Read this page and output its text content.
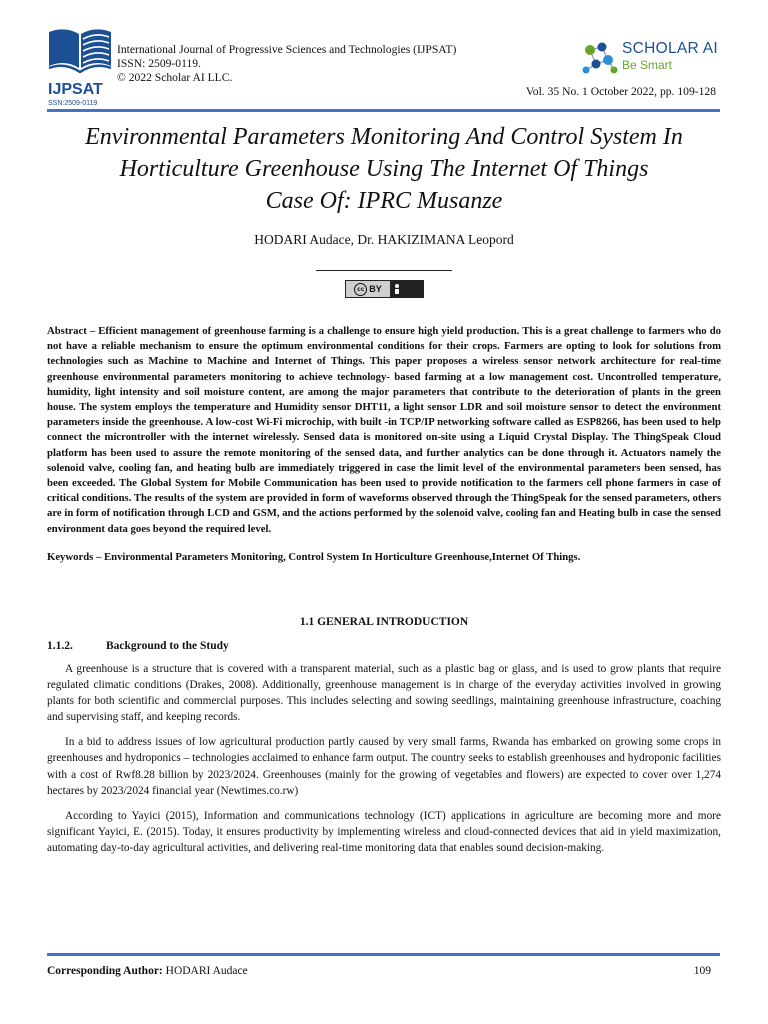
IJPSAT
SSN:2509-0119
International Journal of Progressive Sciences and Technologies (IJPSAT)
ISSN: 2509-0119.
© 2022 Scholar AI LLC.
SCHOLAR AI
Be Smart
Vol. 35 No. 1 October 2022, pp. 109-128
Environmental Parameters Monitoring And Control System In
Horticulture Greenhouse Using The Internet Of Things
Case Of: IPRC Musanze
HODARI Audace, Dr. HAKIZIMANA Leopord
cc BY
Abstract – Efficient management of greenhouse farming is a challenge to ensure high yield production. This is a great challenge to farmers who do not have a reliable mechanism to ensure the optimum environmental conditions for their crops. Farmers are opting to look for solutions from technologies such as Machine to Machine and Internet of Things. This paper proposes a wireless sensor network architecture for real-time greenhouse environmental parameters monitoring to achieve technology- based farming at a low management cost. Uncontrolled temperature, humidity, light intensity and soil moisture content, are among the major parameters that contribute to the deterioration of plants in the green house. The system employs the temperature and Humidity sensor DHT11, a light sensor LDR and soil moisture sensor to detect the environment parameters inside the greenhouse. A low-cost Wi-Fi microchip, with built -in TCP/IP networking software called as ESP8266, has been used to help connect the microntroller with the internet wirelessly. Sensed data is monitored on-site using a Liquid Crystal Display. The ThingSpeak Cloud platform has been used to assure the remote monitoring of the sensed data, and further analytics can be done through it. Actuators namely the solenoid valve, cooling fan, and heating bulb are immediately triggered in case the limit level of the environmental parameters been sensed, has been exceeded. The Global System for Mobile Communication has been used to provide notification to the farmers cell phone farmers in case of critical conditions. The results of the system are provided in form of waveforms observed through the ThingSpeak for the sensed parameters, others are in form of notification through LCD and GSM, and the actions performed by the solenoid valve, cooling fan and Heating bulb in case the sensed environment data goes beyond the required level.
Keywords – Environmental Parameters Monitoring, Control System In Horticulture Greenhouse,Internet Of Things.
1.1 GENERAL INTRODUCTION
1.1.2.	Background to the Study

A greenhouse is a structure that is covered with a transparent material, such as a plastic bag or glass, and is used to grow plants that require regulated climatic conditions (Drakes, 2008). Additionally, greenhouse management is in charge of the everyday activities involved in growing plants for both scientific and commercial purposes. This includes selecting and sowing seedlings, maintaining greenhouse infrastructure, coaching and supervising staff, and keeping records.

In a bid to address issues of low agricultural production partly caused by very small farms, Rwanda has embarked on growing some crops in greenhouses and hydroponics – technologies acclaimed to enhance farm output. The country seeks to establish greenhouses and hydroponic facilities with a cost of Rwf8.28 billion by 2023/2024. Greenhouses (mainly for the growing of vegetables and flowers) are expected to cover over 1,274 hectares by 2023/2024 financial year (Newtimes.co.rw)

According to Yayici (2015), Information and communications technology (ICT) applications in agriculture are becoming more and more significant Yayici, E. (2015). Today, it ensures productivity by implementing wireless and cloud-connected devices that aid in yield maximization, automating day-to-day agricultural activities, and delivering real-time monitoring data that enables sound decision-making.

Corresponding Author: HODARI Audace	109
